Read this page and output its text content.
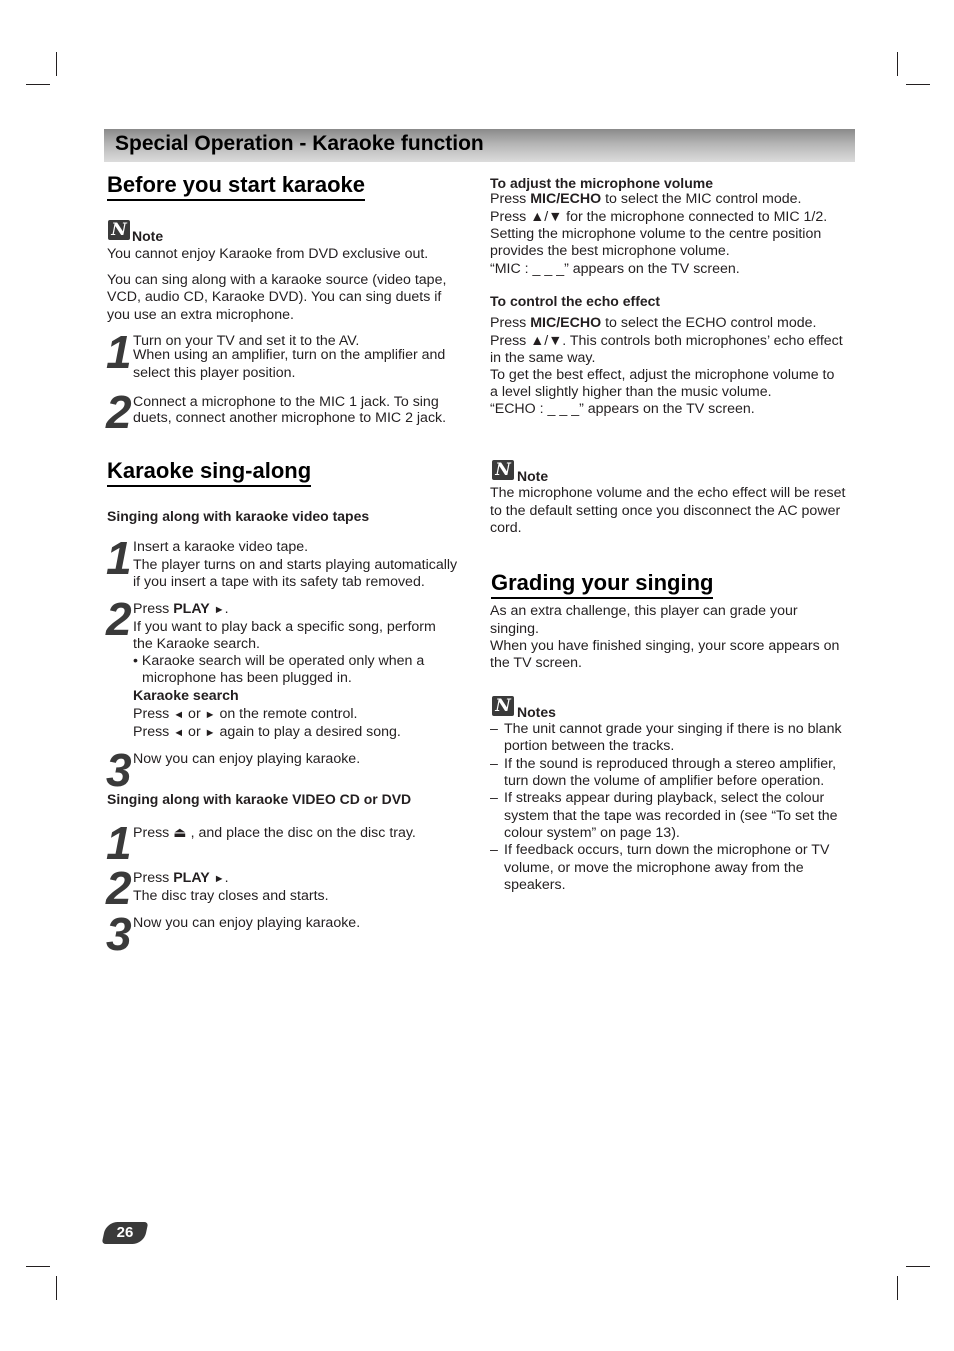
Special Operation - Karaoke function
Before you start karaoke
N Note
You cannot enjoy Karaoke from DVD exclusive out.
You can sing along with a karaoke source (video tape,
VCD, audio CD, Karaoke DVD). You can sing duets if
you use an extra microphone.
1 Turn on your TV and set it to the AV.
When using an amplifier, turn on the amplifier and
select this player position.
2 Connect a microphone to the MIC 1 jack. To sing
duets, connect another microphone to MIC 2 jack.
Karaoke sing-along
Singing along with karaoke video tapes
1 Insert a karaoke video tape.
The player turns on and starts playing automatically
if you insert a tape with its safety tab removed.
2 Press PLAY ►.
If you want to play back a specific song, perform
the Karaoke search.
• Karaoke search will be operated only when a
microphone has been plugged in.
Karaoke search
Press ◄ or ► on the remote control.
Press ◄ or ► again to play a desired song.
3 Now you can enjoy playing karaoke.
Singing along with karaoke VIDEO CD or DVD
1 Press ⏏ , and place the disc on the disc tray.
2 Press PLAY ►.
The disc tray closes and starts.
3 Now you can enjoy playing karaoke.
To adjust the microphone volume
Press MIC/ECHO to select the MIC control mode.
Press ▲/▼ for the microphone connected to MIC 1/2.
Setting the microphone volume to the centre position
provides the best microphone volume.
“MIC : _ _ _” appears on the TV screen.
To control the echo effect
Press MIC/ECHO to select the ECHO control mode.
Press ▲/▼. This controls both microphones’ echo effect
in the same way.
To get the best effect, adjust the microphone volume to
a level slightly higher than the music volume.
“ECHO : _ _ _” appears on the TV screen.
N Note
The microphone volume and the echo effect will be reset
to the default setting once you disconnect the AC power
cord.
Grading your singing
As an extra challenge, this player can grade your
singing.
When you have finished singing, your score appears on
the TV screen.
N Notes
– The unit cannot grade your singing if there is no blank
portion between the tracks.
– If the sound is reproduced through a stereo amplifier,
turn down the volume of amplifier before operation.
– If streaks appear during playback, select the colour
system that the tape was recorded in (see “To set the
colour system” on page 13).
– If feedback occurs, turn down the microphone or TV
volume, or move the microphone away from the
speakers.
26
